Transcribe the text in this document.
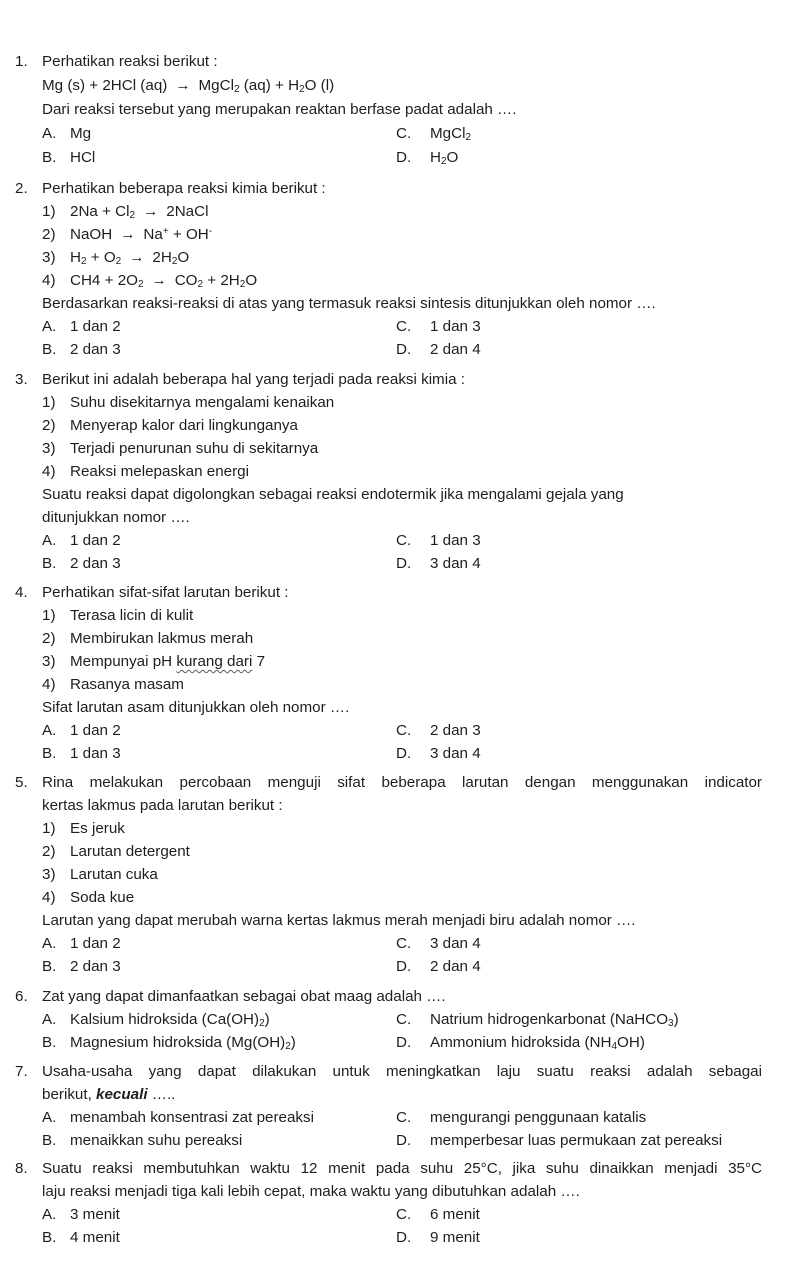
1. Perhatikan reaksi berikut :
Mg (s) + 2HCl (aq) → MgCl$_2$ $(aq) + H_2O$ (l)
Dari reaksi tersebut yang merupakan reaktan berfase padat adalah ….
A. Mg	C. MgCl$_2$
B. HCl	D. $H_2O$
2. Perhatikan beberapa reaksi kimia berikut :
1) $2Na + Cl_2$ → 2NaCl
2) NaOH → Na+ + OH-
3) $H_2 + O_2 \to 2H_2O$
4) $CH4 + 2O_2 \to CO_2 + 2H_2O$
Berdasarkan reaksi-reaksi di atas yang termasuk reaksi sintesis ditunjukkan oleh nomor ….
A. 1 dan 2	C. 1 dan 3
B. 2 dan 3	D. 2 dan 4
3. Berikut ini adalah beberapa hal yang terjadi pada reaksi kimia :
1) Suhu disekitarnya mengalami kenaikan
2) Menyerap kalor dari lingkunganya
3) Terjadi penurunan suhu di sekitarnya
4) Reaksi melepaskan energi
Suatu reaksi dapat digolongkan sebagai reaksi endotermik jika mengalami gejala yang
ditunjukkan nomor ….
A. 1 dan 2	C. 1 dan 3
B. 2 dan 3	D. 3 dan 4
4. Perhatikan sifat-sifat larutan berikut :
1) Terasa licin di kulit
2) Membirukan lakmus merah
3) Mempunyai pH kurang dari 7
4) Rasanya masam
Sifat larutan asam ditunjukkan oleh nomor ….
A. 1 dan 2	C. 2 dan 3
B. 1 dan 3	D. 3 dan 4
5. Rina melakukan percobaan menguji sifat beberapa larutan dengan menggunakan indicator
kertas lakmus pada larutan berikut :
1) Es jeruk
2) Larutan detergent
3) Larutan cuka
4) Soda kue
Larutan yang dapat merubah warna kertas lakmus merah menjadi biru adalah nomor ….
A. 1 dan 2	C. 3 dan 4
B. 2 dan 3	D. 2 dan 4
6. Zat yang dapat dimanfaatkan sebagai obat maag adalah ….
A. Kalsium hidroksida $(Ca(OH)_2)$	C. Natrium hidrogenkarbonat (NaHCO$_3$)
B. Magnesium hidroksida $(Mg(OH)_2)$	D. Ammonium hidroksida $(NH_4OH)$
7. Usaha-usaha yang dapat dilakukan untuk meningkatkan laju suatu reaksi adalah sebagai
berikut, kecuali …..
A. menambah konsentrasi zat pereaksi	C. mengurangi penggunaan katalis
B. menaikkan suhu pereaksi	D. memperbesar luas permukaan zat pereaksi
8. Suatu reaksi membutuhkan waktu 12 menit pada suhu 25°C, jika suhu dinaikkan menjadi 35°C
laju reaksi menjadi tiga kali lebih cepat, maka waktu yang dibutuhkan adalah ….
A. 3 menit	C. 6 menit
B. 4 menit	D. 9 menit
